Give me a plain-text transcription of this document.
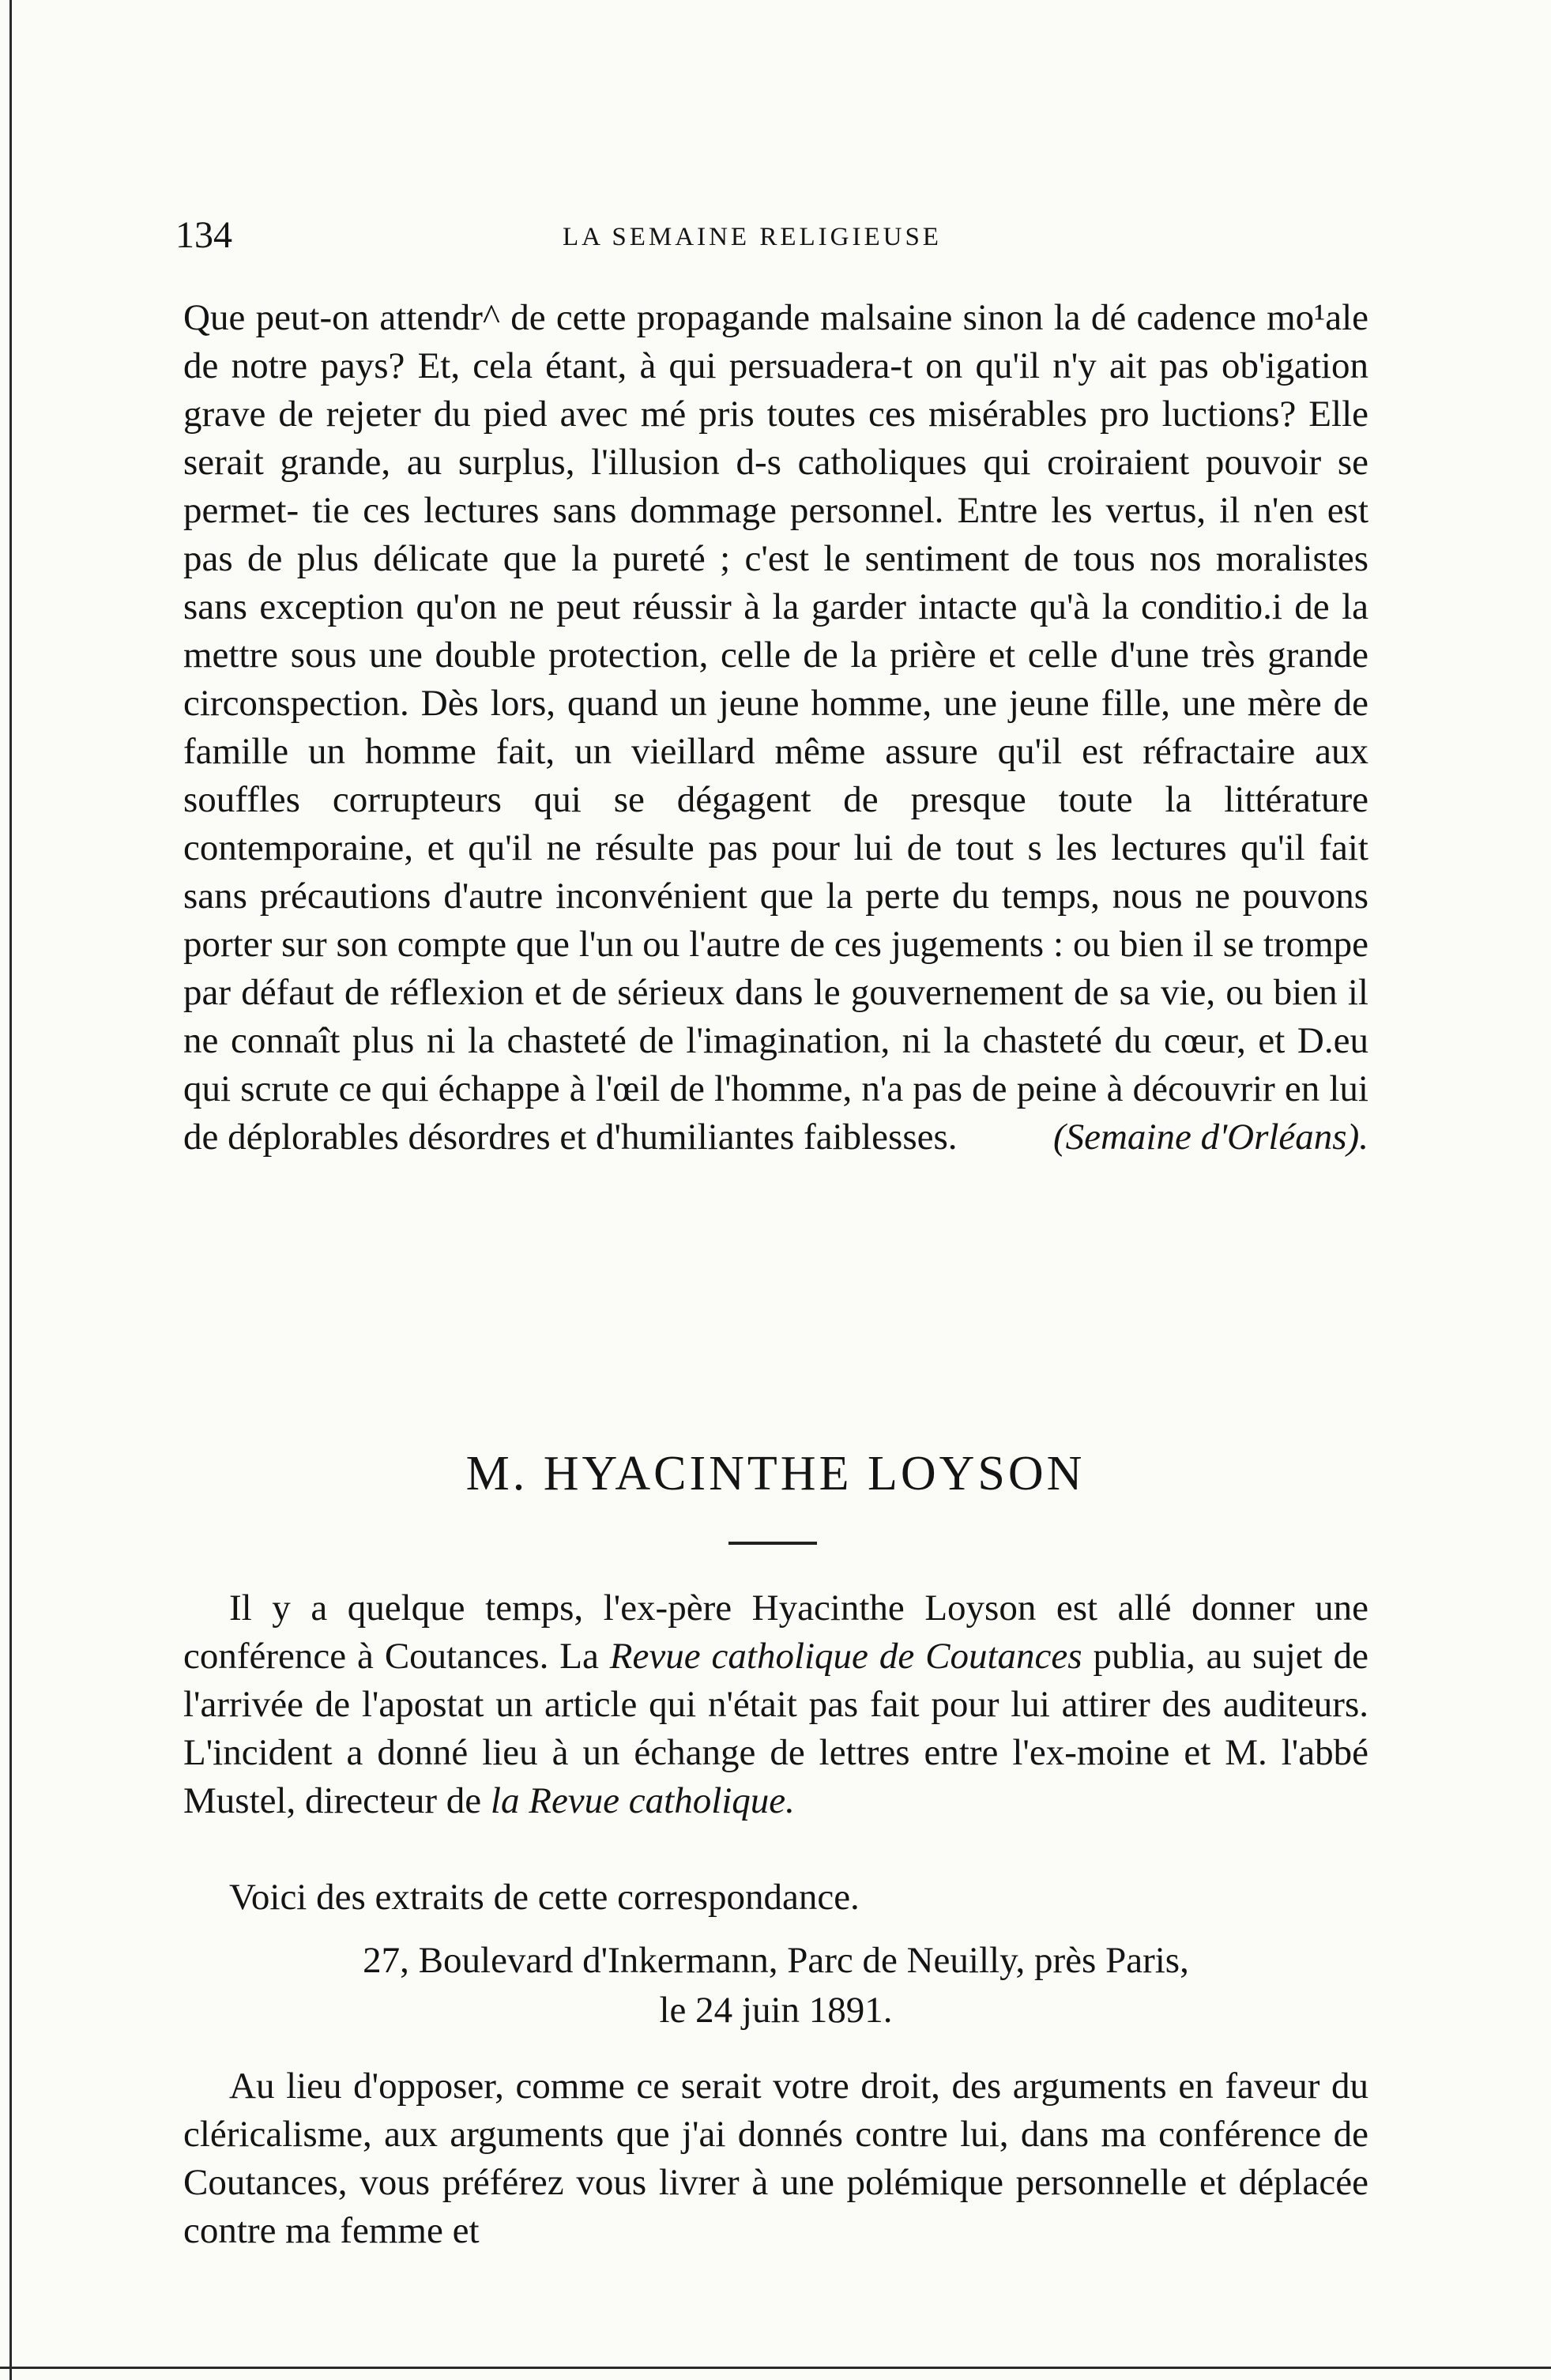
134	LA SEMAINE RELIGIEUSE

Que peut-on attendr^ de cette propagande malsaine sinon la dé cadence mo¹ale de notre pays? Et, cela étant, à qui persuadera-t on qu'il n'y ait pas ob'igation grave de rejeter du pied avec mé pris toutes ces misérables pro luctions? Elle serait grande, au surplus, l'illusion d-s catholiques qui croiraient pouvoir se permet- tie ces lectures sans dommage personnel. Entre les vertus, il n'en est pas de plus délicate que la pureté ; c'est le sentiment de tous nos moralistes sans exception qu'on ne peut réussir à la garder intacte qu'à la conditio.i de la mettre sous une double protection, celle de la prière et celle d'une très grande circonspection. Dès lors, quand un jeune homme, une jeune fille, une mère de famille un homme fait, un vieillard même assure qu'il est réfractaire aux souffles corrupteurs qui se dégagent de presque toute la littérature contemporaine, et qu'il ne résulte pas pour lui de tout s les lectures qu'il fait sans précautions d'autre inconvénient que la perte du temps, nous ne pouvons porter sur son compte que l'un ou l'autre de ces jugements : ou bien il se trompe par défaut de réflexion et de sérieux dans le gouvernement de sa vie, ou bien il ne connaît plus ni la chasteté de l'imagination, ni la chasteté du cœur, et D.eu qui scrute ce qui échappe à l'œil de l'homme, n'a pas de peine à découvrir en lui de déplorables désordres et d'humiliantes faiblesses.	(Semaine d'Orléans).

M. HYACINTHE LOYSON

Il y a quelque temps, l'ex-père Hyacinthe Loyson est allé donner une conférence à Coutances. La Revue catholique de Coutances publia, au sujet de l'arrivée de l'apostat un article qui n'était pas fait pour lui attirer des auditeurs. L'incident a donné lieu à un échange de lettres entre l'ex-moine et M. l'abbé Mustel, directeur de la Revue catholique.

Voici des extraits de cette correspondance.

27, Boulevard d'Inkermann, Parc de Neuilly, près Paris,

le 24 juin 1891.

Au lieu d'opposer, comme ce serait votre droit, des arguments en faveur du cléricalisme, aux arguments que j'ai donnés contre lui, dans ma conférence de Coutances, vous préférez vous livrer à une polémique personnelle et déplacée contre ma femme et
